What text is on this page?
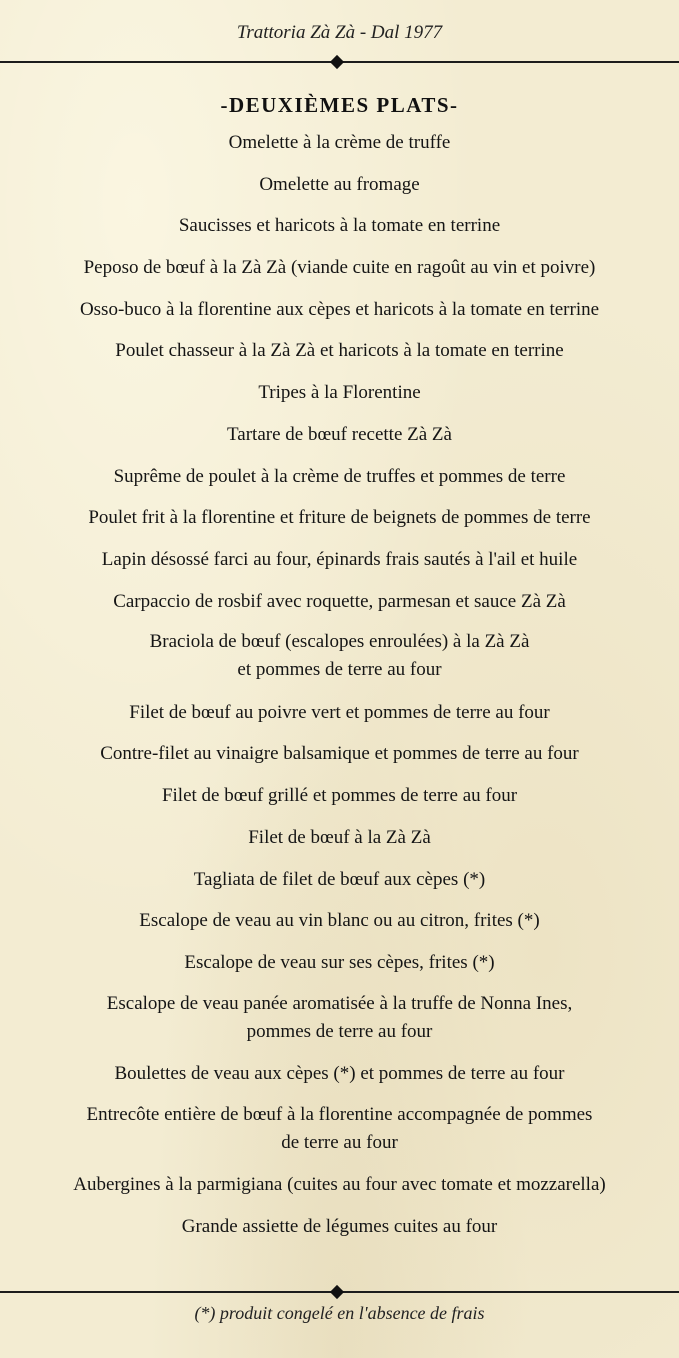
Trattoria Zà Zà - Dal 1977

-DEUXIÈMES PLATS-
Omelette à la crème de truffe
Omelette au fromage
Saucisses et haricots à la tomate en terrine
Peposo de bœuf à la Zà Zà (viande cuite en ragoût au vin et poivre)
Osso-buco à la florentine aux cèpes et haricots à la tomate en terrine
Poulet chasseur à la Zà Zà et haricots à la tomate en terrine
Tripes à la Florentine
Tartare de bœuf recette Zà Zà
Suprême de poulet à la crème de truffes et pommes de terre
Poulet frit à la florentine et friture de beignets de pommes de terre
Lapin désossé farci au four, épinards frais sautés à l'ail et huile
Carpaccio de rosbif avec roquette, parmesan et sauce Zà Zà
Braciola de bœuf (escalopes enroulées) à la Zà Zà
et pommes de terre au four
Filet de bœuf au poivre vert et pommes de terre au four
Contre-filet au vinaigre balsamique et pommes de terre au four
Filet de bœuf grillé et pommes de terre au four
Filet de bœuf à la Zà Zà
Tagliata de filet de bœuf aux cèpes (*)
Escalope de veau au vin blanc ou au citron, frites (*)
Escalope de veau sur ses cèpes, frites (*)
Escalope de veau panée aromatisée à la truffe de Nonna Ines,
pommes de terre au four
Boulettes de veau aux cèpes (*) et pommes de terre au four
Entrecôte entière de bœuf à la florentine accompagnée de pommes
de terre au four
Aubergines à la parmigiana (cuites au four avec tomate et mozzarella)
Grande assiette de légumes cuites au four

(*) produit congelé en l'absence de frais
